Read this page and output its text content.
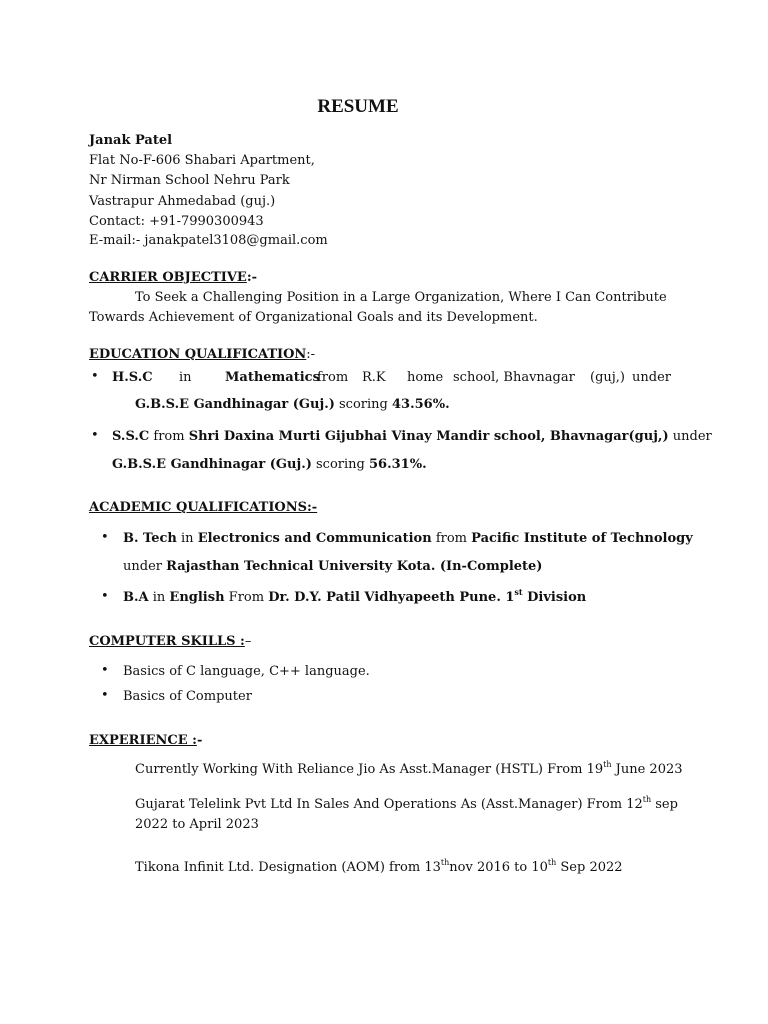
RESUME
Janak Patel
Flat No-F-606 Shabari Apartment,
Nr Nirman School Nehru Park
Vastrapur Ahmedabad (guj.)
Contact: +91-7990300943
E-mail:- janakpatel3108@gmail.com
CARRIER OBJECTIVE:-
To Seek a Challenging Position in a Large Organization, Where I Can Contribute
Towards Achievement of Organizational Goals and its Development.
EDUCATION QUALIFICATION:-
• H.S.C in	Mathematics
from R.K home school, Bhavnagar (guj,) under
G.B.S.E Gandhinagar (Guj.) scoring 43.56%.
• S.S.C from Shri Daxina Murti Gijubhai Vinay Mandir school, Bhavnagar(guj,) under
G.B.S.E Gandhinagar (Guj.) scoring 56.31%.
ACADEMIC QUALIFICATIONS:-
• B. Tech in Electronics and Communication from Pacific Institute of Technology
under Rajasthan Technical University Kota. (In-Complete)
• B.A in English From Dr. D.Y. Patil Vidhyapeeth Pune. 1st Division
COMPUTER SKILLS :–
• Basics of C language, C++ language.
• Basics of Computer
EXPERIENCE :-
Currently Working With Reliance Jio As Asst.Manager (HSTL) From 19th June 2023
Gujarat Telelink Pvt Ltd In Sales And Operations As (Asst.Manager) From 12th sep
2022 to April 2023
Tikona Infinit Ltd. Designation (AOM) from 13thnov 2016 to 10th Sep 2022
